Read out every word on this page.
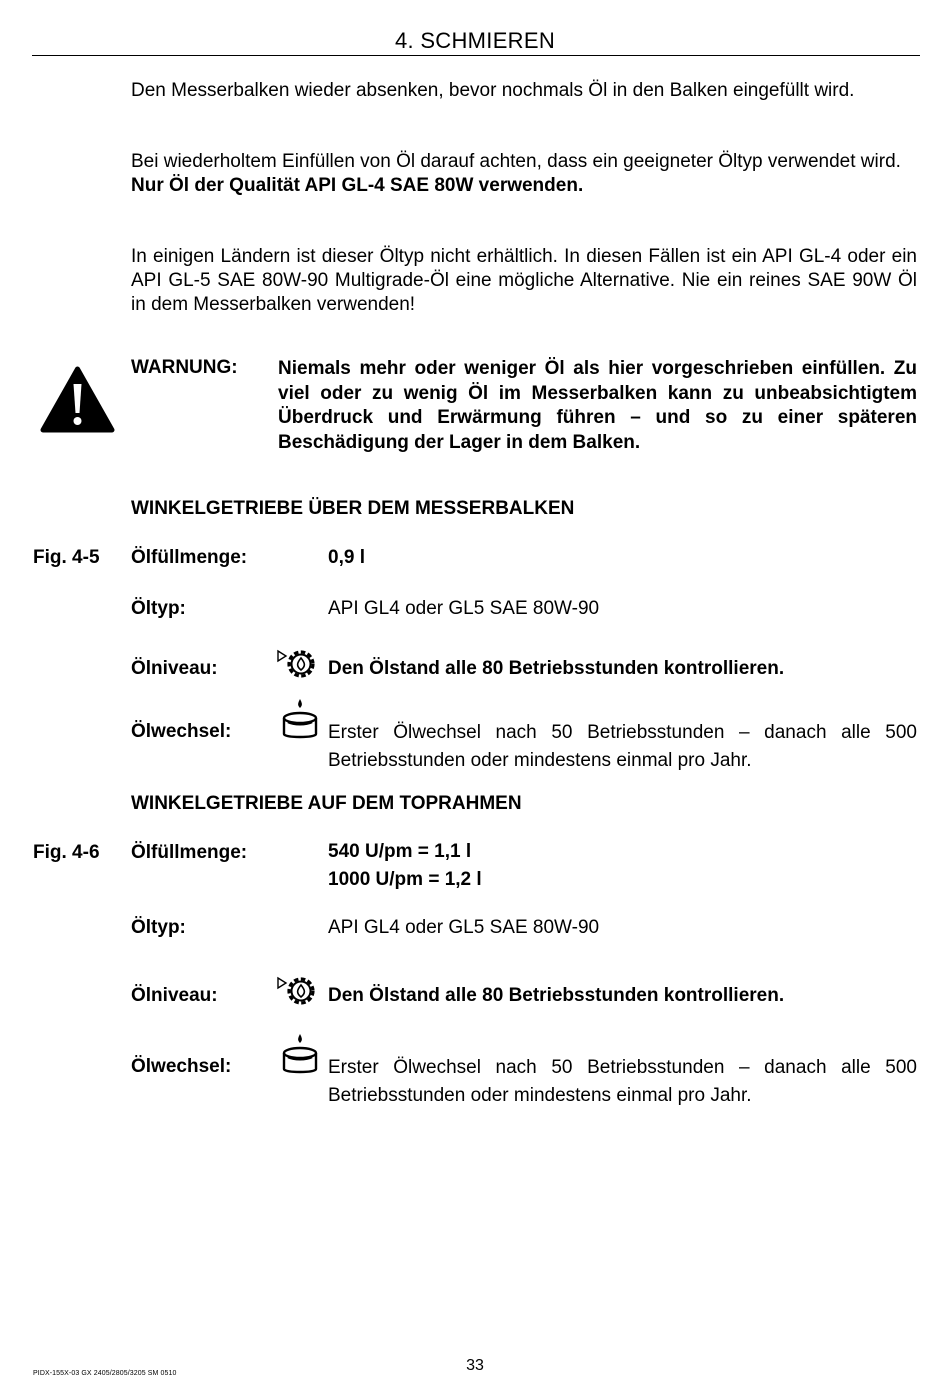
4. SCHMIEREN

Den Messerbalken wieder absenken, bevor nochmals Öl in den Balken eingefüllt wird.

Bei wiederholtem Einfüllen von Öl darauf achten, dass ein geeigneter Öltyp verwendet wird.
Nur Öl der Qualität API GL-4 SAE 80W verwenden.

In einigen Ländern ist dieser Öltyp nicht erhältlich. In diesen Fällen ist ein API GL-4 oder ein API GL-5 SAE 80W-90 Multigrade-Öl eine mögliche Alternative. Nie ein reines SAE 90W Öl in dem Messerbalken verwenden!

WARNUNG: Niemals mehr oder weniger Öl als hier vorgeschrieben einfüllen. Zu viel oder zu wenig Öl im Messerbalken kann zu unbeabsichtigtem Überdruck und Erwärmung führen – und so zu einer späteren Beschädigung der Lager in dem Balken.

WINKELGETRIEBE ÜBER DEM MESSERBALKEN
Fig. 4-5 Ölfüllmenge:	0,9 l
Öltyp:	API GL4 oder GL5 SAE 80W-90
Ölniveau:	Den Ölstand alle 80 Betriebsstunden kontrollieren.
Ölwechsel:	Erster Ölwechsel nach 50 Betriebsstunden – danach alle 500 Betriebsstunden oder mindestens einmal pro Jahr.
WINKELGETRIEBE AUF DEM TOPRAHMEN
Fig. 4-6 Ölfüllmenge:	540 U/pm = 1,1 l
1000 U/pm = 1,2 l
Öltyp:	API GL4 oder GL5 SAE 80W-90
Ölniveau:	Den Ölstand alle 80 Betriebsstunden kontrollieren.
Ölwechsel:	Erster Ölwechsel nach 50 Betriebsstunden – danach alle 500 Betriebsstunden oder mindestens einmal pro Jahr.
33
PIDX-155X-03 GX 2405/2805/3205 SM 0510
